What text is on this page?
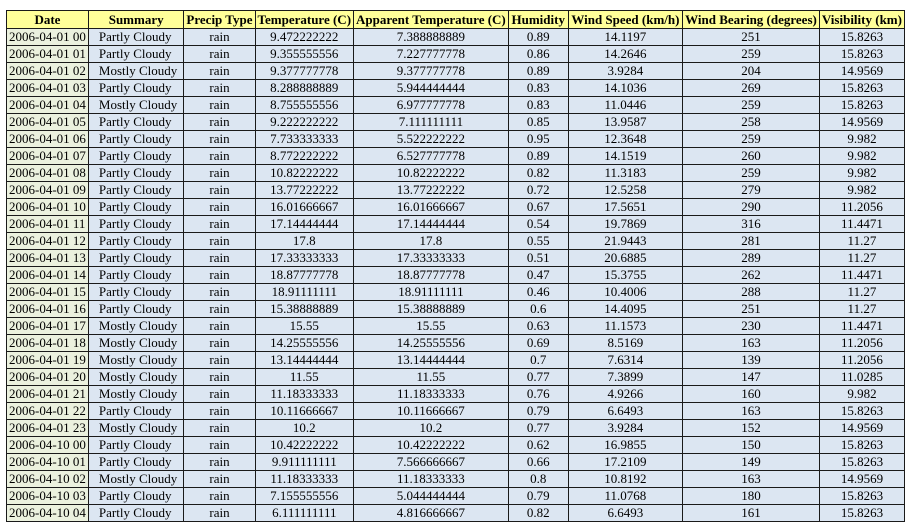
Date	Summary	Precip Type	Temperature (C)	Apparent Temperature (C)	Humidity	Wind Speed (km/h)	Wind Bearing (degrees)	Visibility (km)
2006-04-01 00	Partly Cloudy	rain	9.472222222	7.388888889	0.89	14.1197	251	15.8263
2006-04-01 01	Partly Cloudy	rain	9.355555556	7.227777778	0.86	14.2646	259	15.8263
2006-04-01 02	Mostly Cloudy	rain	9.377777778	9.377777778	0.89	3.9284	204	14.9569
2006-04-01 03	Partly Cloudy	rain	8.288888889	5.944444444	0.83	14.1036	269	15.8263
2006-04-01 04	Mostly Cloudy	rain	8.755555556	6.977777778	0.83	11.0446	259	15.8263
2006-04-01 05	Partly Cloudy	rain	9.222222222	7.111111111	0.85	13.9587	258	14.9569
2006-04-01 06	Partly Cloudy	rain	7.733333333	5.522222222	0.95	12.3648	259	9.982
2006-04-01 07	Partly Cloudy	rain	8.772222222	6.527777778	0.89	14.1519	260	9.982
2006-04-01 08	Partly Cloudy	rain	10.82222222	10.82222222	0.82	11.3183	259	9.982
2006-04-01 09	Partly Cloudy	rain	13.77222222	13.77222222	0.72	12.5258	279	9.982
2006-04-01 10	Partly Cloudy	rain	16.01666667	16.01666667	0.67	17.5651	290	11.2056
2006-04-01 11	Partly Cloudy	rain	17.14444444	17.14444444	0.54	19.7869	316	11.4471
2006-04-01 12	Partly Cloudy	rain	17.8	17.8	0.55	21.9443	281	11.27
2006-04-01 13	Partly Cloudy	rain	17.33333333	17.33333333	0.51	20.6885	289	11.27
2006-04-01 14	Partly Cloudy	rain	18.87777778	18.87777778	0.47	15.3755	262	11.4471
2006-04-01 15	Partly Cloudy	rain	18.91111111	18.91111111	0.46	10.4006	288	11.27
2006-04-01 16	Partly Cloudy	rain	15.38888889	15.38888889	0.6	14.4095	251	11.27
2006-04-01 17	Mostly Cloudy	rain	15.55	15.55	0.63	11.1573	230	11.4471
2006-04-01 18	Mostly Cloudy	rain	14.25555556	14.25555556	0.69	8.5169	163	11.2056
2006-04-01 19	Mostly Cloudy	rain	13.14444444	13.14444444	0.7	7.6314	139	11.2056
2006-04-01 20	Mostly Cloudy	rain	11.55	11.55	0.77	7.3899	147	11.0285
2006-04-01 21	Mostly Cloudy	rain	11.18333333	11.18333333	0.76	4.9266	160	9.982
2006-04-01 22	Partly Cloudy	rain	10.11666667	10.11666667	0.79	6.6493	163	15.8263
2006-04-01 23	Mostly Cloudy	rain	10.2	10.2	0.77	3.9284	152	14.9569
2006-04-10 00	Partly Cloudy	rain	10.42222222	10.42222222	0.62	16.9855	150	15.8263
2006-04-10 01	Partly Cloudy	rain	9.911111111	7.566666667	0.66	17.2109	149	15.8263
2006-04-10 02	Mostly Cloudy	rain	11.18333333	11.18333333	0.8	10.8192	163	14.9569
2006-04-10 03	Partly Cloudy	rain	7.155555556	5.044444444	0.79	11.0768	180	15.8263
2006-04-10 04	Partly Cloudy	rain	6.111111111	4.816666667	0.82	6.6493	161	15.8263
